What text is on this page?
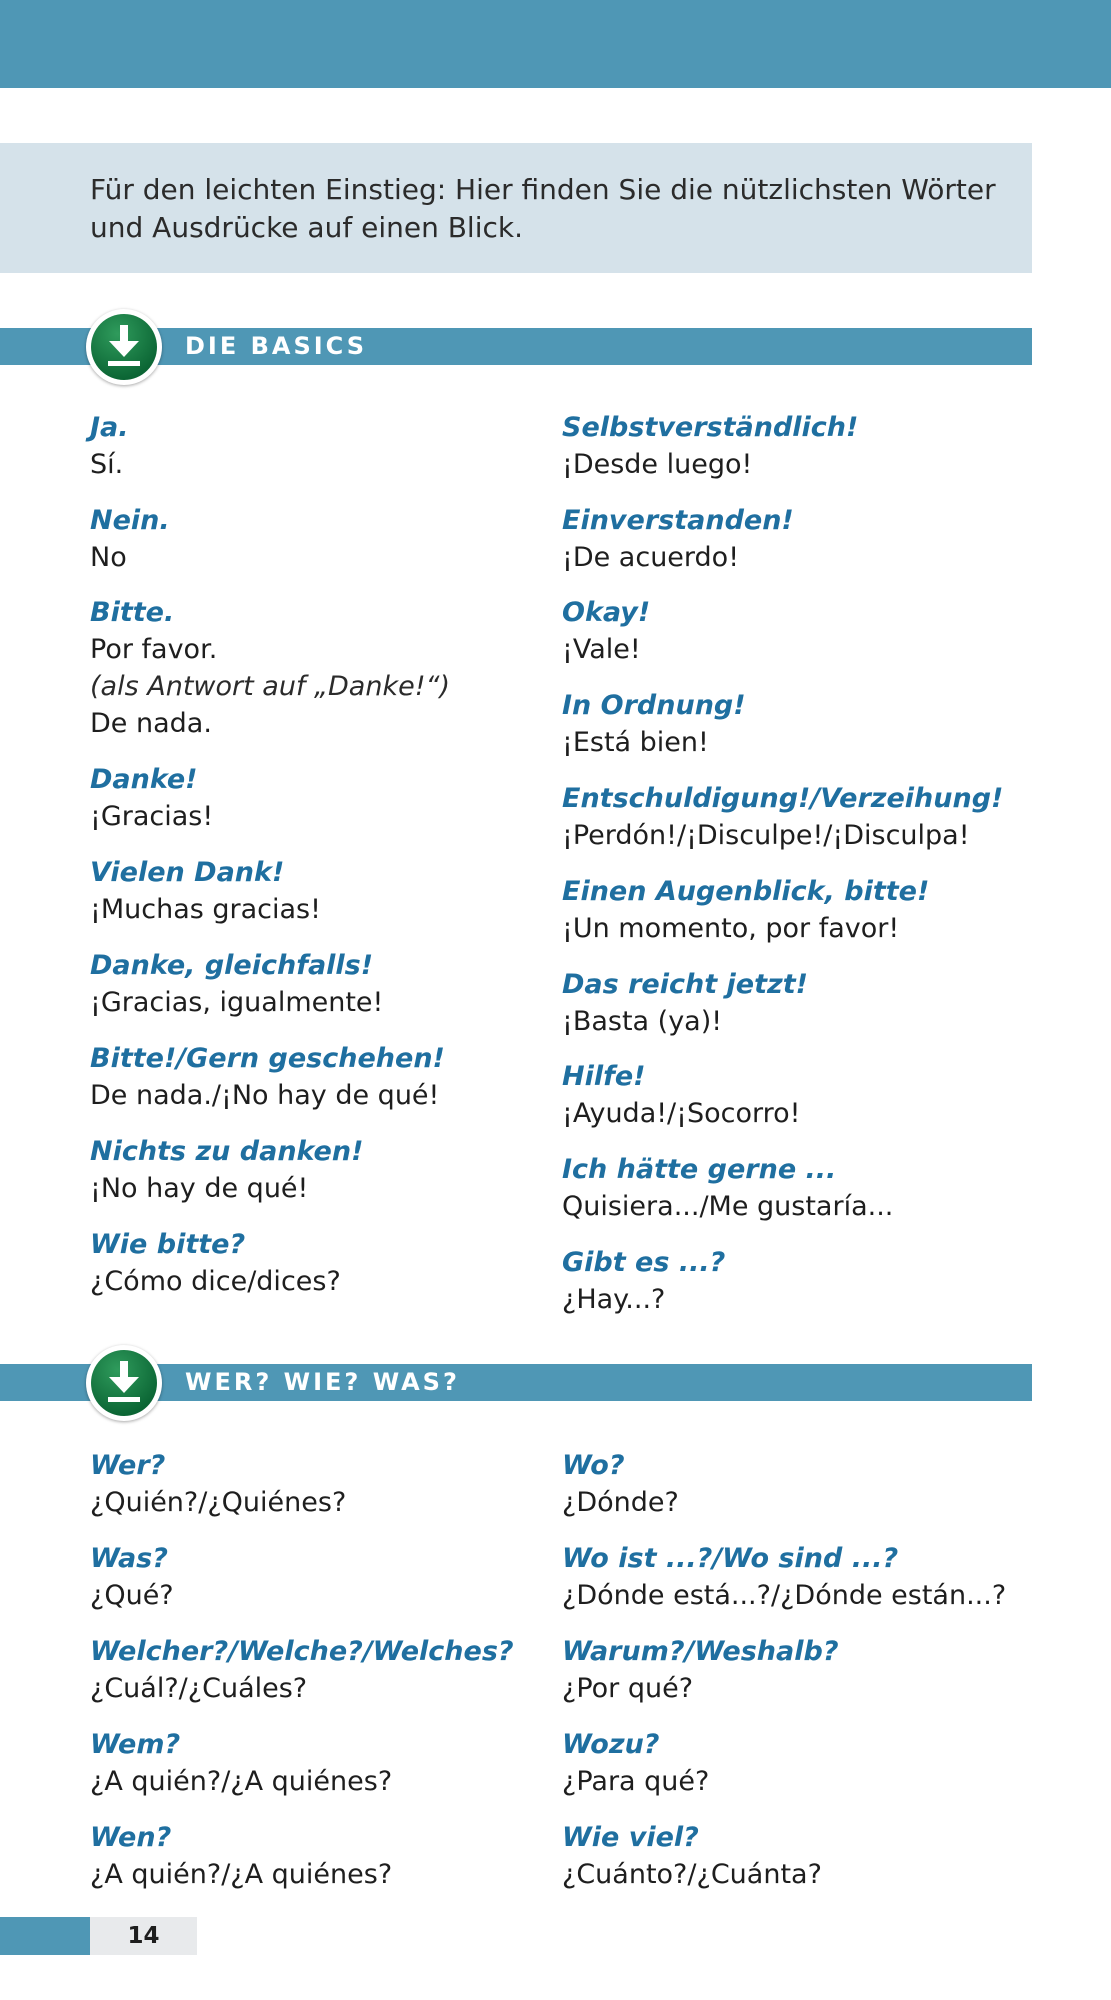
Für den leichten Einstieg: Hier finden Sie die nützlichsten Wörter und Ausdrücke auf einen Blick.
DIE BASICS
Ja.
Sí.
Nein.
No
Bitte.
Por favor.
(als Antwort auf „Danke!“)
De nada.
Danke!
¡Gracias!
Vielen Dank!
¡Muchas gracias!
Danke, gleichfalls!
¡Gracias, igualmente!
Bitte!/Gern geschehen!
De nada./¡No hay de qué!
Nichts zu danken!
¡No hay de qué!
Wie bitte?
¿Cómo dice/dices?
Selbstverständlich!
¡Desde luego!
Einverstanden!
¡De acuerdo!
Okay!
¡Vale!
In Ordnung!
¡Está bien!
Entschuldigung!/Verzeihung!
¡Perdón!/¡Disculpe!/¡Disculpa!
Einen Augenblick, bitte!
¡Un momento, por favor!
Das reicht jetzt!
¡Basta (ya)!
Hilfe!
¡Ayuda!/¡Socorro!
Ich hätte gerne ...
Quisiera.../Me gustaría...
Gibt es ...?
¿Hay...?
WER? WIE? WAS?
Wer?
¿Quién?/¿Quiénes?
Was?
¿Qué?
Welcher?/Welche?/Welches?
¿Cuál?/¿Cuáles?
Wem?
¿A quién?/¿A quiénes?
Wen?
¿A quién?/¿A quiénes?
Wo?
¿Dónde?
Wo ist ...?/Wo sind ...?
¿Dónde está...?/¿Dónde están...?
Warum?/Weshalb?
¿Por qué?
Wozu?
¿Para qué?
Wie viel?
¿Cuánto?/¿Cuánta?
14
